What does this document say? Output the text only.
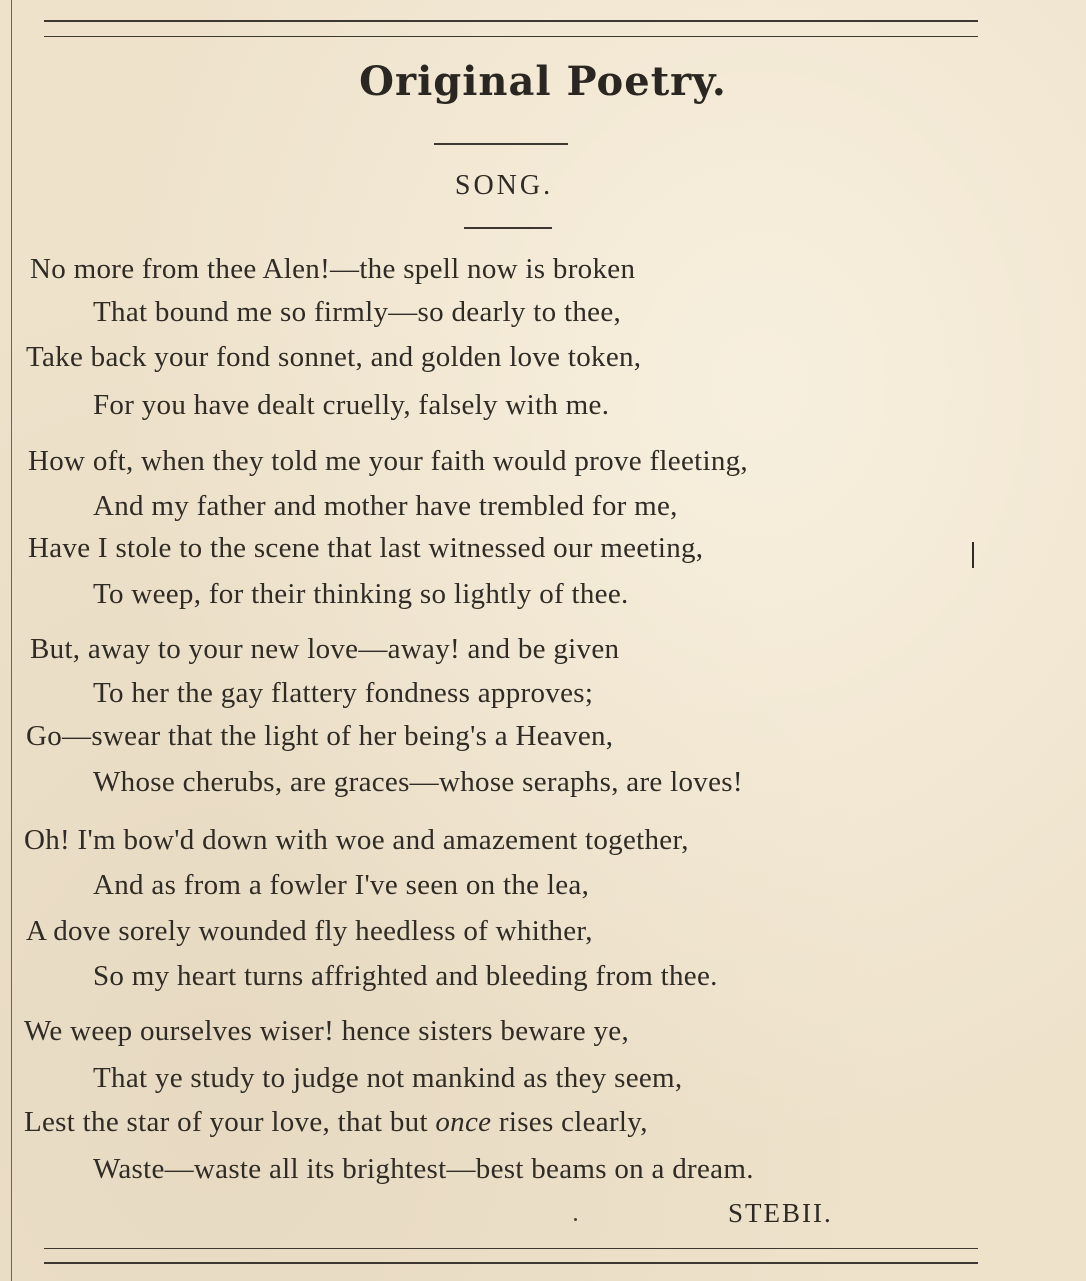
Original Poetry.
SONG.
No more from thee Alen!—the spell now is broken
That bound me so firmly—so dearly to thee,
Take back your fond sonnet, and golden love token,
For you have dealt cruelly, falsely with me.
How oft, when they told me your faith would prove fleeting,
And my father and mother have trembled for me,
Have I stole to the scene that last witnessed our meeting,
To weep, for their thinking so lightly of thee.
But, away to your new love—away! and be given
To her the gay flattery fondness approves;
Go—swear that the light of her being's a Heaven,
Whose cherubs, are graces—whose seraphs, are loves!
Oh! I'm bow'd down with woe and amazement together,
And as from a fowler I've seen on the lea,
A dove sorely wounded fly heedless of whither,
So my heart turns affrighted and bleeding from thee.
We weep ourselves wiser! hence sisters beware ye,
That ye study to judge not mankind as they seem,
Lest the star of your love, that but once rises clearly,
Waste—waste all its brightest—best beams on a dream.
STEBII.
